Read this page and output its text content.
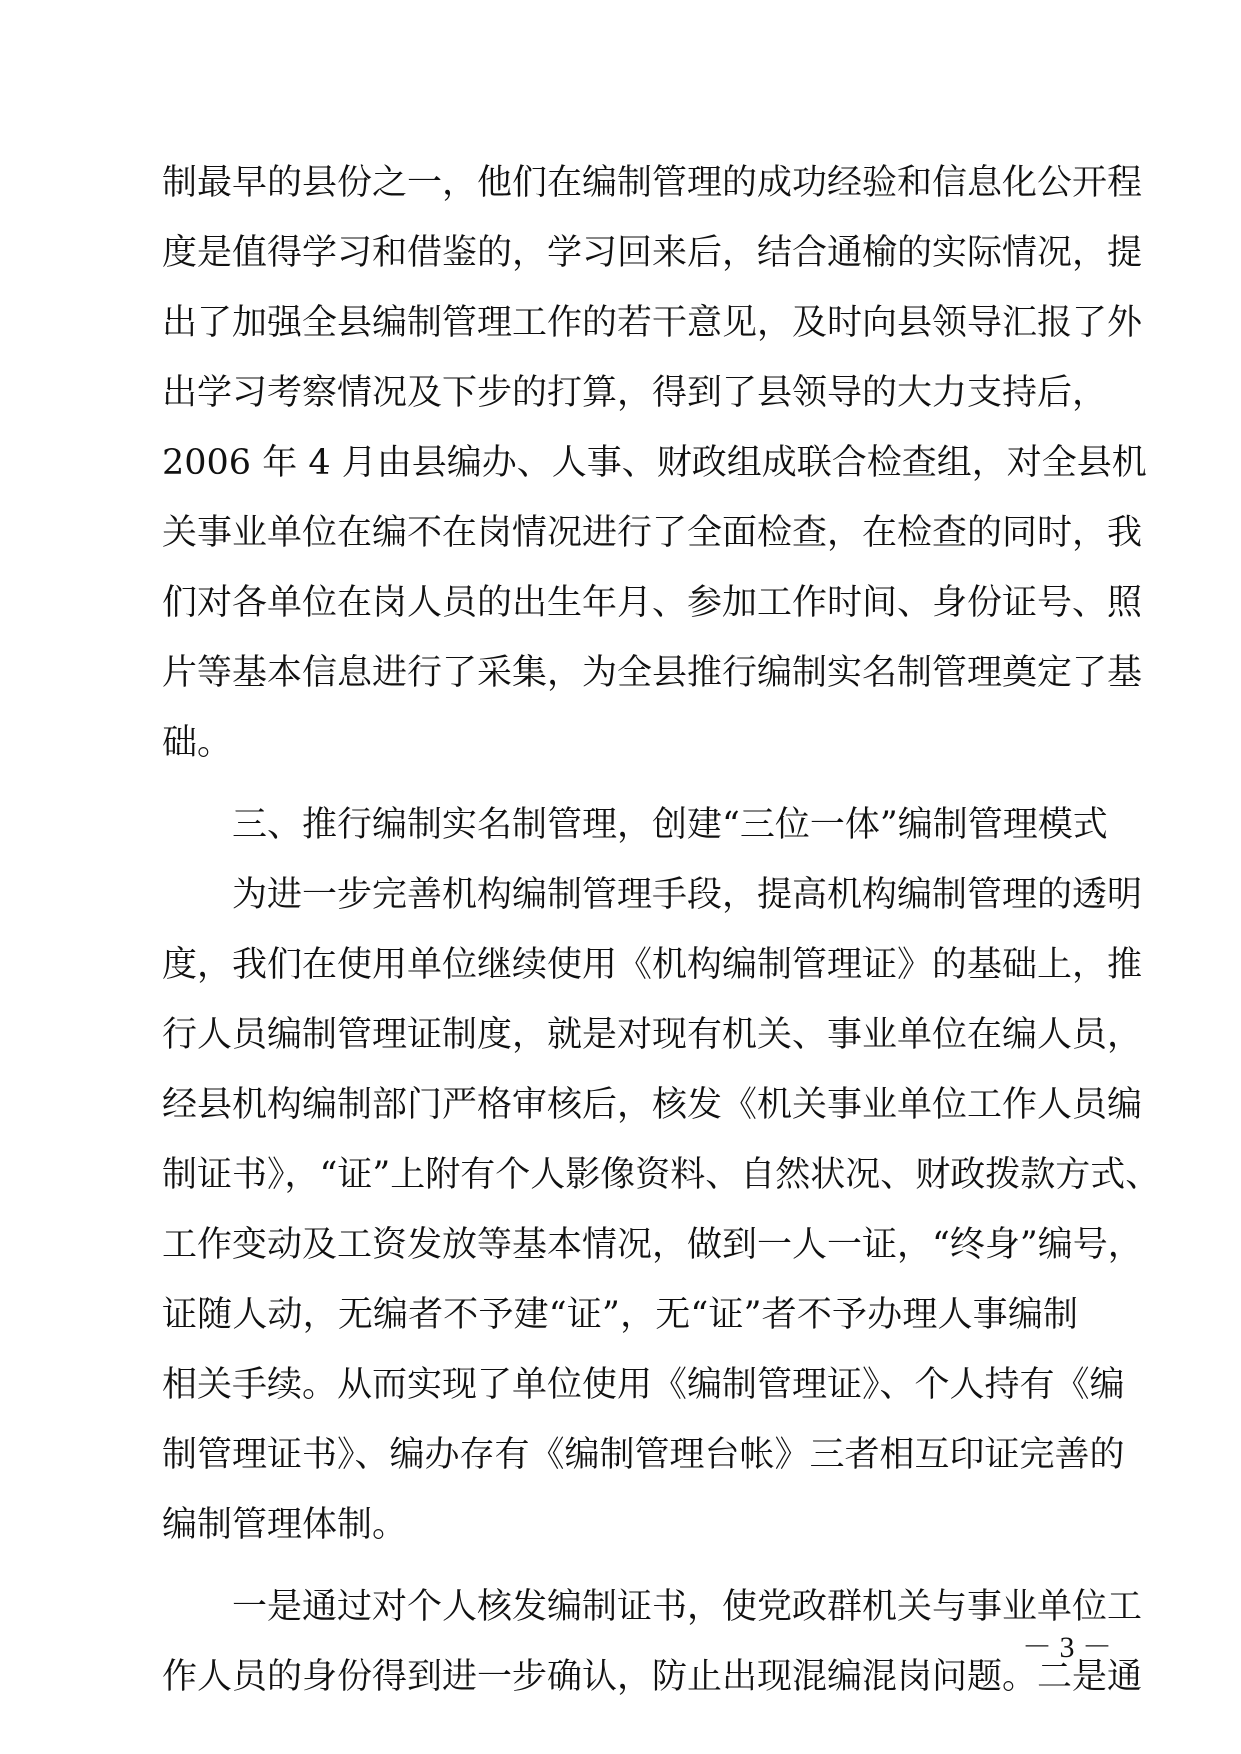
制最早的县份之一，他们在编制管理的成功经验和信息化公开程
度是值得学习和借鉴的，学习回来后，结合通榆的实际情况，提
出了加强全县编制管理工作的若干意见，及时向县领导汇报了外
出学习考察情况及下步的打算，得到了县领导的大力支持后，
2006 年 4 月由县编办、人事、财政组成联合检查组，对全县机
关事业单位在编不在岗情况进行了全面检查，在检查的同时，我
们对各单位在岗人员的出生年月、参加工作时间、身份证号、照
片等基本信息进行了采集，为全县推行编制实名制管理奠定了基
础。
三、推行编制实名制管理，创建“三位一体”编制管理模式
为进一步完善机构编制管理手段，提高机构编制管理的透明
度，我们在使用单位继续使用《机构编制管理证》的基础上，推
行人员编制管理证制度，就是对现有机关、事业单位在编人员，
经县机构编制部门严格审核后，核发《机关事业单位工作人员编
制证书》，“证”上附有个人影像资料、自然状况、财政拨款方式、
工作变动及工资发放等基本情况，做到一人一证，“终身”编号，
证随人动，无编者不予建“证”，无“证”者不予办理人事编制
相关手续。从而实现了单位使用《编制管理证》、个人持有《编
制管理证书》、编办存有《编制管理台帐》三者相互印证完善的
编制管理体制。
一是通过对个人核发编制证书，使党政群机关与事业单位工
作人员的身份得到进一步确认，防止出现混编混岗问题。二是通
－ 3 －
